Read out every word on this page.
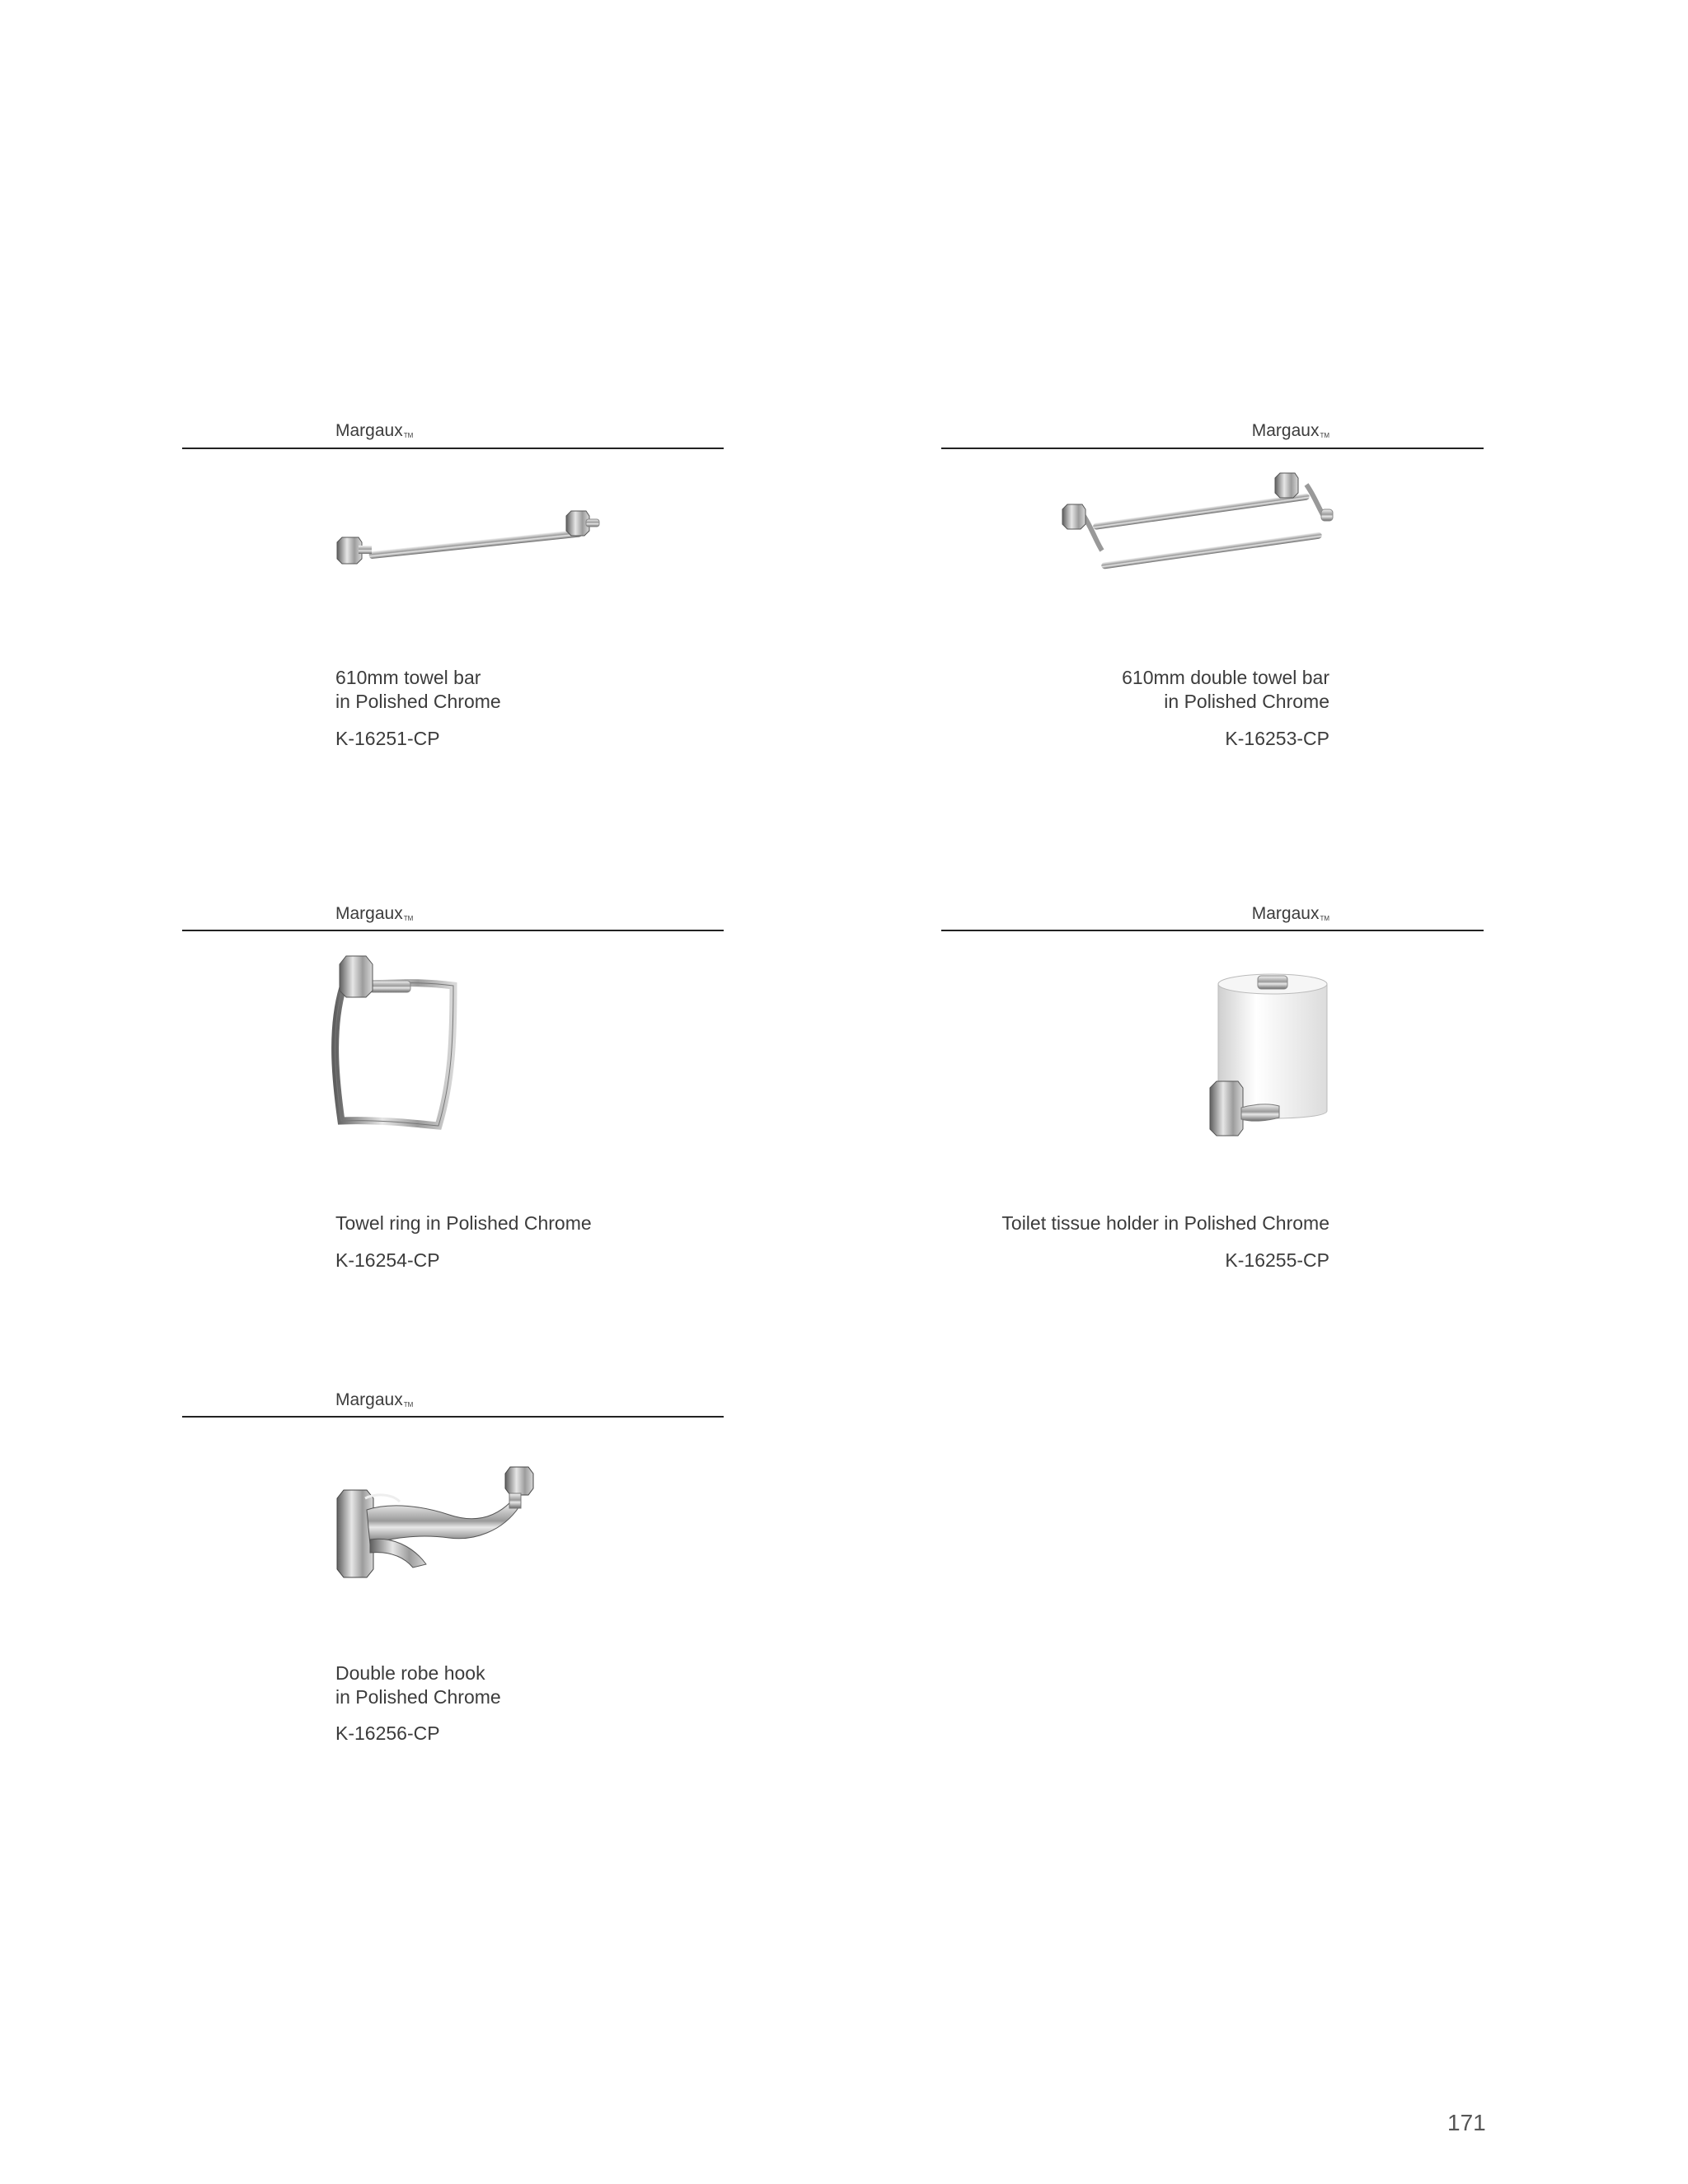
Margaux™
610mm towel bar
in Polished Chrome
K-16251-CP
Margaux™
610mm double towel bar
in Polished Chrome
K-16253-CP
Margaux™
Towel ring in Polished Chrome
K-16254-CP
Margaux™
Toilet tissue holder in Polished Chrome
K-16255-CP
Margaux™
Double robe hook
in Polished Chrome
K-16256-CP
171
